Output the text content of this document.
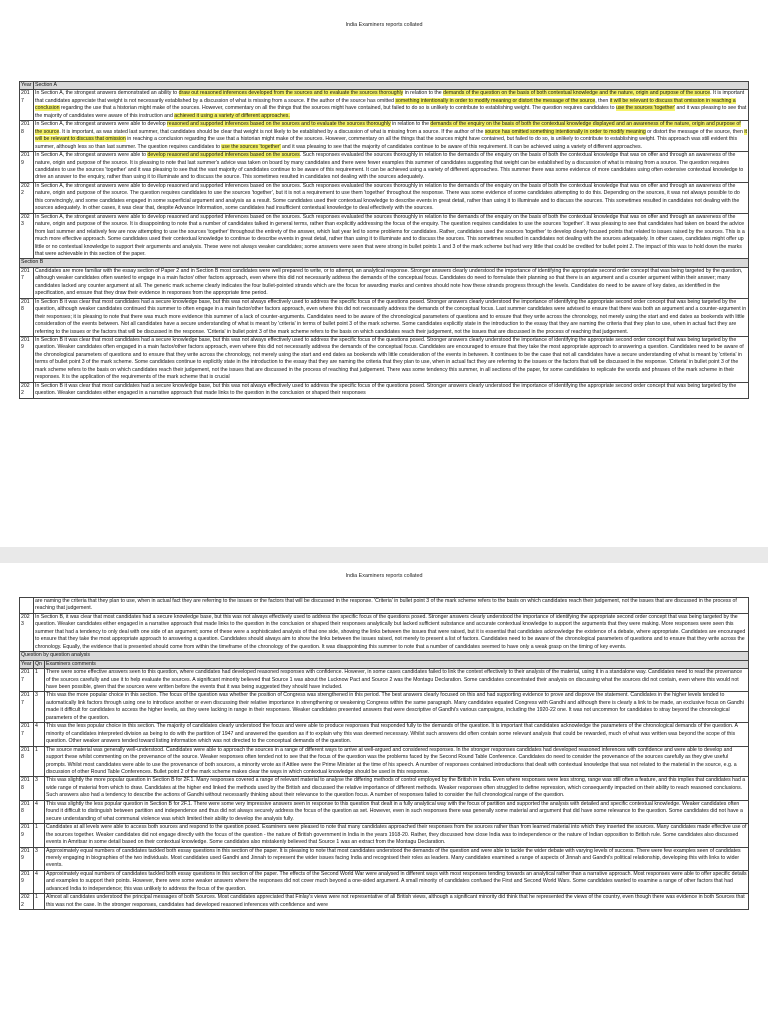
India Examiners reports collated
Year	Section A
201
7	In Section A, the strongest answers demonstrated an ability to draw out reasoned inferences developed from the sources and to evaluate the sources thoroughly in relation to the demands of the question on the basis of both contextual knowledge and the nature, origin and purpose of the source. It is important that candidates appreciate that weight is not necessarily established by a discussion of what is missing from a source. If the author of the source has omitted something intentionally in order to modify meaning or distort the message of the source, then it will be relevant to discuss that omission in reaching a conclusion regarding the use that a historian might make of the sources. However, commentary on all the things that the sources might have contained, but failed to do so is unlikely to contribute to establishing weight. The question requires candidates to use the sources 'together' and it was pleasing to see that the majority of candidates were aware of this instruction and achieved it using a variety of different approaches.
201
8	In Section A, the strongest answers were able to develop reasoned and supported inferences based on the sources and to evaluate the sources thoroughly in relation to the demands of the enquiry on the basis of both the contextual knowledge displayed and an awareness of the nature, origin and purpose of the source. It is important, as was stated last summer, that candidates should be clear that weight is not likely to be established by a discussion of what is missing from a source. If the author of the source has omitted something intentionally in order to modify meaning or distort the message of the source, then it will be relevant to discuss that omission in reaching a conclusion regarding the use that a historian might make of the sources. However, commentary on all the things that the sources might have contained, but failed to do so, is unlikely to contribute to establishing weight. This approach was still evident this summer, although less so than last summer. The question requires candidates to use the sources 'together' and it was pleasing to see that the majority of candidates continue to be aware of this requirement. It can be achieved using a variety of different approaches.
201
9	In Section A, the strongest answers were able to develop reasoned and supported inferences based on the sources. Such responses evaluated the sources thoroughly in relation to the demands of the enquiry on the basis of both the contextual knowledge that was on offer and through an awareness of the nature, origin and purpose of the source. It is pleasing to note that last summer's advice was taken on board by many candidates and there were fewer examples this summer of candidates suggesting that weight can be established by a discussion of what is missing from a source. The question requires candidates to use the sources 'together' and it was pleasing to see that the vast majority of candidates continue to be aware of this requirement. It can be achieved using a variety of different approaches. This summer there was some evidence of more candidates using often extensive contextual knowledge to drive an answer to the enquiry, rather than using it to illuminate and to discuss the source. This sometimes resulted in candidates not dealing with the sources adequately.
202
2	In Section A, the strongest answers were able to develop reasoned and supported inferences based on the sources. Such responses evaluated the sources thoroughly in relation to the demands of the enquiry on the basis of both the contextual knowledge that was on offer and through an awareness of the nature, origin and purpose of the source. The question requires candidates to use the sources 'together', but it is not a requirement to use them 'together' throughout the response. There was some evidence of some candidates attempting to do this. Depending on the sources, it was not always possible to do this convincingly, and some candidates engaged in some superficial argument and analysis as a result. Some candidates used their contextual knowledge to describe events in great detail, rather than using it to illuminate and to discuss the sources. This sometimes resulted in candidates not dealing with the sources adequately. In other cases, it was clear that, despite Advance Information, some candidates had insufficient contextual knowledge to deal effectively with the sources.
202
3	In Section A, the strongest answers were able to develop reasoned and supported inferences based on the sources. Such responses evaluated the sources thoroughly in relation to the demands of the enquiry on the basis of both the contextual knowledge that was on offer and through an awareness of the nature, origin and purpose of the source. It is disappointing to note that a number of candidates talked in general terms, rather than explicitly addressing the focus of the enquiry. The question requires candidates to use the sources 'together'. It was pleasing to see that candidates had taken on board the advice from last summer and relatively few are now attempting to use the sources 'together' throughout the entirety of the answer, which last year led to some problems for candidates. Rather, candidates used the sources 'together' to develop clearly focused points that related to issues raised by the sources. This is a much more effective approach. Some candidates used their contextual knowledge to continue to describe events in great detail, rather than using it to illuminate and to discuss the sources. This sometimes resulted in candidates not dealing with the sources adequately. In other cases, candidates might offer up little or no contextual knowledge to support their arguments and analysis. These were not always weaker candidates; some answers were seen that were strong in bullet points 1 and 3 of the mark scheme but had very little that could be credited for bullet point 2. The impact of this was to hold down the marks that were achievable in this section of the paper.
Section B	
201
7	Candidates are more familiar with the essay section of Paper 2 and in Section B most candidates were well prepared to write, or to attempt, an analytical response. Stronger answers clearly understood the importance of identifying the appropriate second order concept that was being targeted by the question, although weaker candidates often wanted to engage in a main factor/ other factors approach, even where this did not necessarily address the demands of the conceptual focus. Candidates do need to formulate their planning so that there is an argument and a counter argument within their answer; many candidates lacked any counter argument at all. The generic mark scheme clearly indicates the four bullet-pointed strands which are the focus for awarding marks and centres should note how these strands progress through the levels. Candidates do need to be aware of key dates, as identified in the specification, and ensure that they draw their evidence in responses from the appropriate time period.
201
8	In Section B it was clear that most candidates had a secure knowledge base, but this was not always effectively used to address the specific focus of the questions posed. Stronger answers clearly understood the importance of identifying the appropriate second order concept that was being targeted by the question, although weaker candidates continued this summer to often engage in a main factor/other factors approach, even where this did not necessarily address the demands of the conceptual focus. Last summer candidates were advised to ensure that there was both an argument and a counter-argument in their responses; it is pleasing to note that there was much more evidence this summer of a lack of counter-arguments. Candidates need to be aware of the chronological parameters of questions and to ensure that they write across the chronology, not merely using the start and end dates as bookends with little consideration of the events between. Not all candidates have a secure understanding of what is meant by 'criteria' in terms of bullet point 3 of the mark scheme. Some candidates explicitly state in the introduction to the essay that they are naming the criteria that they plan to use, when in actual fact they are referring to the issues or the factors that will be discussed in the response. 'Criteria' in bullet point 3 of the mark scheme refers to the basis on which candidates reach their judgement, not the issues that are discussed in the process of reaching that judgement.
201
9	In Section B it was clear that most candidates had a secure knowledge base, but this was not always effectively used to address the specific focus of the questions posed. Stronger answers clearly understood the importance of identifying the appropriate second order concept that was being targeted by the question. Weaker candidates often engaged in a main factor/other factors approach, even where this did not necessarily address the demands of the conceptual focus. Candidates are encouraged to ensure that they take the most appropriate approach to answering a question. Candidates need to be aware of the chronological parameters of questions and to ensure that they write across the chronology, not merely using the start and end dates as bookends with little consideration of the events in between. It continues to be the case that not all candidates have a secure understanding of what is meant by 'criteria' in terms of bullet point 3 of the mark scheme. Some candidates continue to explicitly state in the introduction to the essay that they are naming the criteria that they plan to use, when in actual fact they are referring to the issues or the factors that will be discussed in the response. 'Criteria' in bullet point 3 of the mark scheme refers to the basis on which candidates reach their judgement, not the issues that are discussed in the process of reaching that judgement. There was some tendency this summer, in all sections of the paper, for some candidates to replicate the words and phrases of the mark scheme in their responses. It is the application of the requirements of the mark scheme that is crucial
202
2	In Section B it was clear that most candidates had a secure knowledge base, but this was not always effectively used to address the specific focus of the questions posed. Stronger answers clearly understood the importance of identifying the appropriate second order concept that was being targeted by the question. Weaker candidates either engaged in a narrative approach that made links to the question in the conclusion or shaped their responses
India Examiners reports collated
	are naming the criteria that they plan to use, when in actual fact they are referring to the issues or the factors that will be discussed in the response. 'Criteria' in bullet point 3 of the mark scheme refers to the basis on which candidates reach their judgement, not the issues that are discussed in the process of reaching that judgement.	
202
3	In Section B, it was clear that most candidates had a secure knowledge base, but this was not always effectively used to address the specific focus of the questions posed. Stronger answers clearly understood the importance of identifying the appropriate second order concept that was being targeted by the question. Weaker candidates either engaged in a narrative approach that made links to the question in the conclusion or shaped their responses analytically but lacked sufficient substance and accurate contextual knowledge to support the arguments that they were making. More responses were seen this summer that had a tendency to only deal with one side of an argument; some of these were a sophisticated analysis of that one side, showing the links between the issues that were raised, but it is essential that candidates acknowledge the existence of a debate, where appropriate. Candidates are encouraged to ensure that they take the most appropriate approach to answering a question. Candidates should always aim to show the links between the issues raised, not merely to present a list of factors. Candidates need to be aware of the chronological parameters of questions and to ensure that they write across the chronology. Equally, the evidence that is presented should come from within the timeframe of the chronology of the question. It was disappointing this summer to note that a number of candidates seemed to have only a weak grasp on the timing of key events.	
Question by question analysis		
Year	Qn	Examiners comments
201
7	1	There were some effective answers seen to this question, where candidates had developed reasoned responses with confidence. However, in some cases candidates failed to link the context effectively to their analysis of the material, using it in a standalone way. Candidates need to read the provenance of the sources carefully and use it to help evaluate the sources. A significant minority believed that Source 1 was about the Lucknow Pact and Source 2 was the Montagu Declaration. Some candidates concentrated their analysis on discussing what the sources did not contain, even where this would not have been possible, given that the sources were written before the events that it was being suggested they should have included.
201
7	3	This was the more popular choice in this section. The focus of the question was whether the position of Congress was strengthened in this period. The best answers clearly focused on this and had supporting evidence to prove and disprove the statement. Candidates in the higher levels tended to automatically link factors through using one to introduce another or even discussing their relative importance in strengthening or weakening Congress within the same paragraph. Many candidates equated Congress with Gandhi and although there is clearly a link to be made, an exclusive focus on Gandhi made it difficult for candidates to access the higher levels, as they were lacking in range in their responses. Weaker candidates presented answers that were descriptive of Gandhi's various campaigns, including the 1920-22 one. It was not uncommon for candidates to stray beyond the chronological parameters of the question.
201
7	4	This was the less popular choice in this section. The majority of candidates clearly understood the focus and were able to produce responses that responded fully to the demands of the question. It is important that candidates acknowledge the parameters of the chronological demands of the question. A minority of candidates interpreted division as being to do with the partition of 1947 and answered the question as if to explain why this was deemed necessary. Whilst such answers did often contain some relevant analysis that could be rewarded, much of what was written was beyond the scope of this question. Other weaker answers tended toward listing information which was not directed to the conceptual demands of the question.
201
8	1	The source material was generally well-understood. Candidates were able to approach the sources in a range of different ways to arrive at well-argued and considered responses. In the stronger responses candidates had developed reasoned inferences with confidence and were able to develop and support these whilst commenting on the provenance of the source. Weaker responses often tended not to see that the focus of the question was the problems faced by the Second Round Table Conference. Candidates do need to consider the provenance of the sources carefully as they give useful prompts. Whilst most candidates were able to use the provenance of both sources, a minority wrote as if Attlee were the Prime Minister at the time of his speech. A number of responses contained introductions that dealt with contextual knowledge that was not related to the material in the source, e.g. a discussion of other Round Table Conferences. Bullet point 2 of the mark scheme makes clear the ways in which contextual knowledge should be used in this response.
201
8	3	This was slightly the more popular question in Section B for 2F.1. Many responses covered a range of relevant material to analyse the differing methods of control employed by the British in India. Even where responses were less strong, range was still often a feature, and this implies that candidates had a wide range of material from which to draw. Candidates at the higher end linked the methods used by the British and discussed the relative importance of different methods. Weaker responses often struggled to define repression, which consequently impacted on their ability to reach reasoned conclusions. Such answers also had a tendency to describe the actions of Gandhi without necessarily thinking about their relevance to the question focus. A number of responses failed to consider the full chronological range of the question.
201
8	4	This was slightly the less popular question in Section B for 2F.1. There were some very impressive answers seen in response to this question that dealt in a fully analytical way with the focus of partition and supported the analysis with detailed and specific contextual knowledge. Weaker candidates often found it difficult to distinguish between partition and independence and thus did not always securely address the focus of the question as set. However, even in such responses there was generally some material and argument that did have some relevance to the question. Some candidates did not have a secure understanding of what communal violence was which limited their ability to develop the analysis fully.
201
9	1	Candidates at all levels were able to access both sources and respond to the question posed. Examiners were pleased to note that many candidates approached their responses from the sources rather than from learned material into which they inserted the sources. Many candidates made effective use of the sources together. Weaker candidates did not engage directly with the focus of the question - the nature of British government in India in the years 1918-20. Rather, they discussed how close India was to independence or the nature of Indian opposition to British rule. Some candidates also discussed events in Amritsar in some detail based on their contextual knowledge. Some candidates also mistakenly believed that Source 1 was an extract from the Montagu Declaration.
201
9	3	Approximately equal numbers of candidates tackled both essay questions in this section of the paper. It is pleasing to note that most candidates understood the demands of the question and were able to tackle the wider debate with varying levels of success. There were few examples seen of candidates merely engaging in biographies of the two individuals. Most candidates used Gandhi and Jinnah to represent the wider issues facing India and recognised their roles as leaders. Many candidates examined a range of aspects of Jinnah and Gandhi's political relationship, developing this with links to wider events.
201
9	4	Approximately equal numbers of candidates tackled both essay questions in this section of the paper. The effects of the Second World War were analysed in different ways with most responses tending towards an analytical rather than a narrative approach. Most responses were able to offer specific details and examples to support their points. However, there were some weaker answers where the responses did not cover much beyond a one-sided argument. A small minority of candidates confused the First and Second World Wars. Some candidates wanted to examine a range of other factors that had advanced India to independence; this was unlikely to address the focus of the question.
202
2	1	Almost all candidates understood the principal messages of both Sources. Most candidates appreciated that Finlay's views were not representative of all British views, although a significant minority did think that he represented the views of the country, even though there was evidence in both Sources that this was not the case. In the stronger responses, candidates had developed reasoned inferences with confidence and were
